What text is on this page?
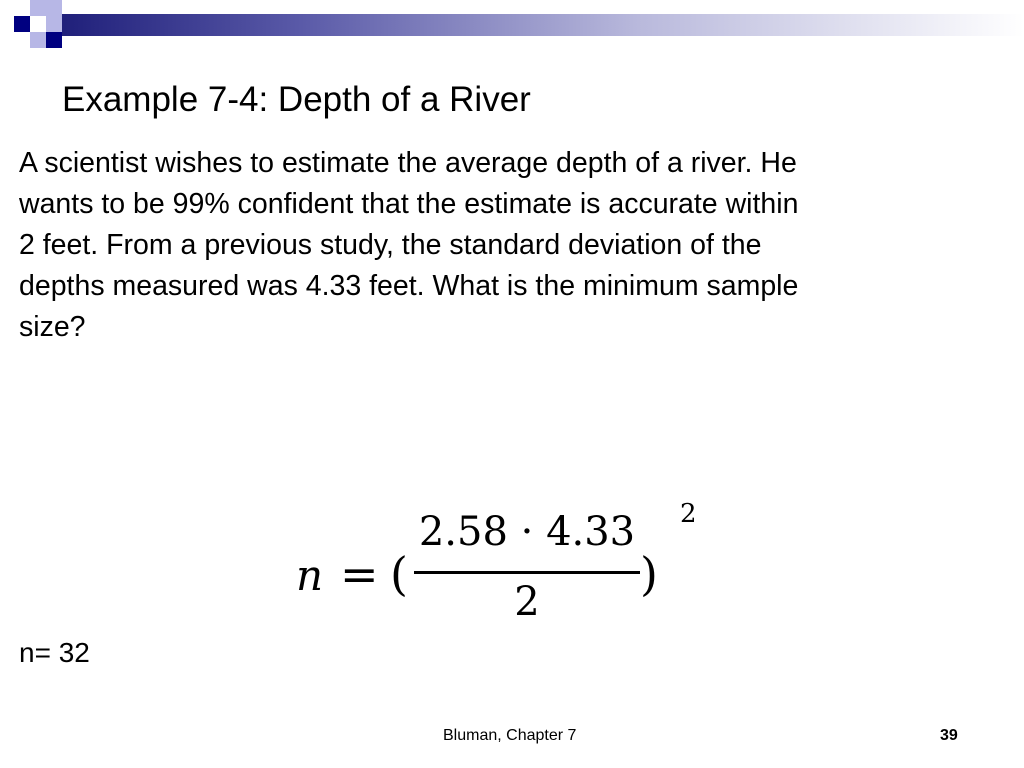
Example 7-4: Depth of a River
A scientist wishes to estimate the average depth of a river. He
wants to be 99% confident that the estimate is accurate within
2 feet. From a previous study, the standard deviation of the
depths measured was 4.33 feet. What is the minimum sample
size?
n = (
2.58 · 4.33
2
)
2
n= 32
Bluman, Chapter 7	39
